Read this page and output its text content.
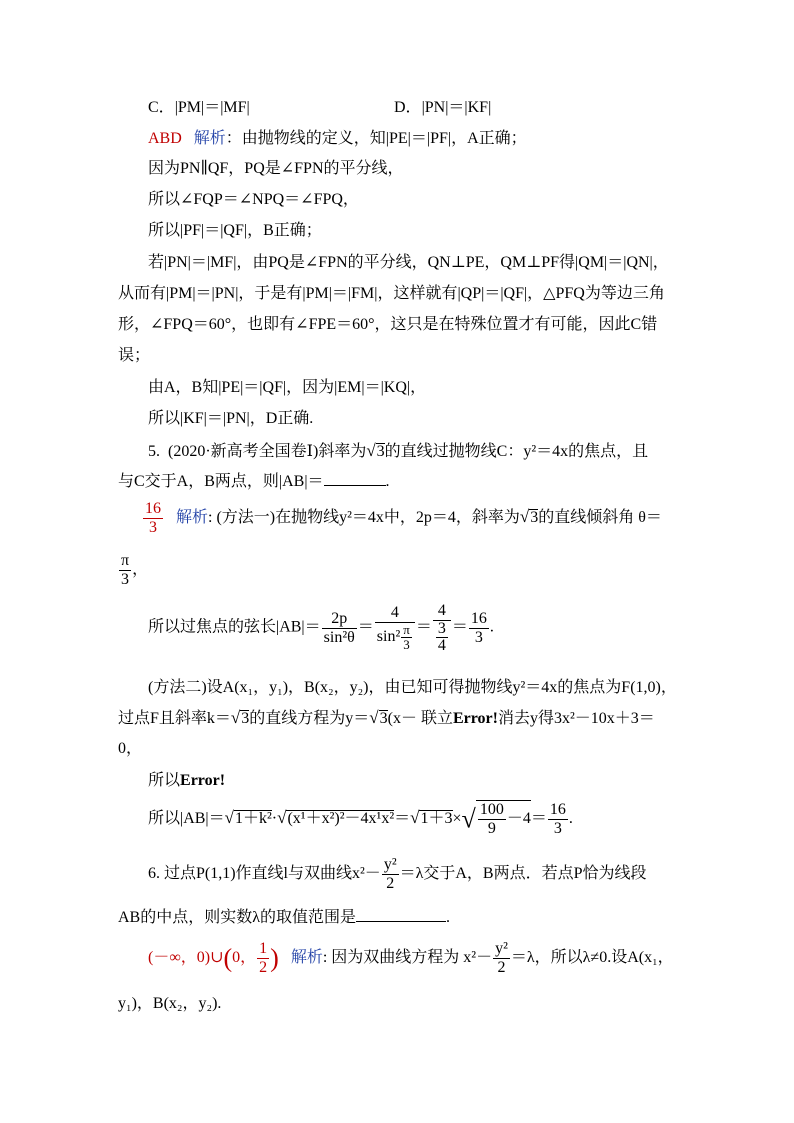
C．|PM|＝|MF|	D．|PN|＝|KF|
ABD 解析：由抛物线的定义，知|PE|＝|PF|，A正确；
因为PN∥QF，PQ是∠FPN的平分线，
所以∠FQP＝∠NPQ＝∠FPQ，
所以|PF|＝|QF|，B正确；
若|PN|＝|MF|，由PQ是∠FPN的平分线，QN⊥PE，QM⊥PF得|QM|＝|QN|，
从而有|PM|＝|PN|，于是有|PM|＝|FM|，这样就有|QP|＝|QF|，△PFQ为等边三角
形，∠FPQ＝60°，也即有∠FPE＝60°，这只是在特殊位置才有可能，因此C错
误；
由A，B知|PE|＝|QF|，因为|EM|＝|KQ|，
所以|KF|＝|PN|，D正确.
5. (2020·新高考全国卷Ⅰ)斜率为√3的直线过抛物线C：y²＝4x的焦点，且
与C交于A，B两点，则|AB|＝	.
$\frac{16}{3}$ 解析: (方法一)在抛物线y²＝4x中，2p＝4，斜率为√3的直线倾斜角 θ＝
$\frac{\pi}{3}$ ，
所以过焦点的弦长$|AB|= \frac{2p}{\text{sin²θ}} = \frac{4}{\sin^2 \frac{\pi}{3}} = \frac{4}{\frac{3}{4}} = \frac{16}{3}$ .
(方法二)设A(x₁，y₁)，B(x₂，y₂)，由已知可得抛物线y²＝4x的焦点为F(1,0)，
过点F且斜率k＝√3的直线方程为y＝√3(x－ 联立Error!消去y得3x²－10x＋3＝
0，
所以Error!
所以$|AB|=√1+k^2\cdot√(x^1+x^2)^2-4x^1x^2=√1+3\times√ \frac{100}{9} -4= \frac{16}{3}$ .
6. 过点P(1,1)作直线l与双曲线$x^2- \frac{\text{y²}}{2} =\lambda$交于A，B两点．若点P恰为线段
AB的中点，则实数λ的取值范围是	.
(－∞，0)∪(0， $\frac{1}{2}$ ) 解析: 因为双曲线方程为 $x^2- \frac{\text{y²}}{2} =\lambda$，所以λ≠0.设A(x₁，
y₁)，B(x₂，y₂).
